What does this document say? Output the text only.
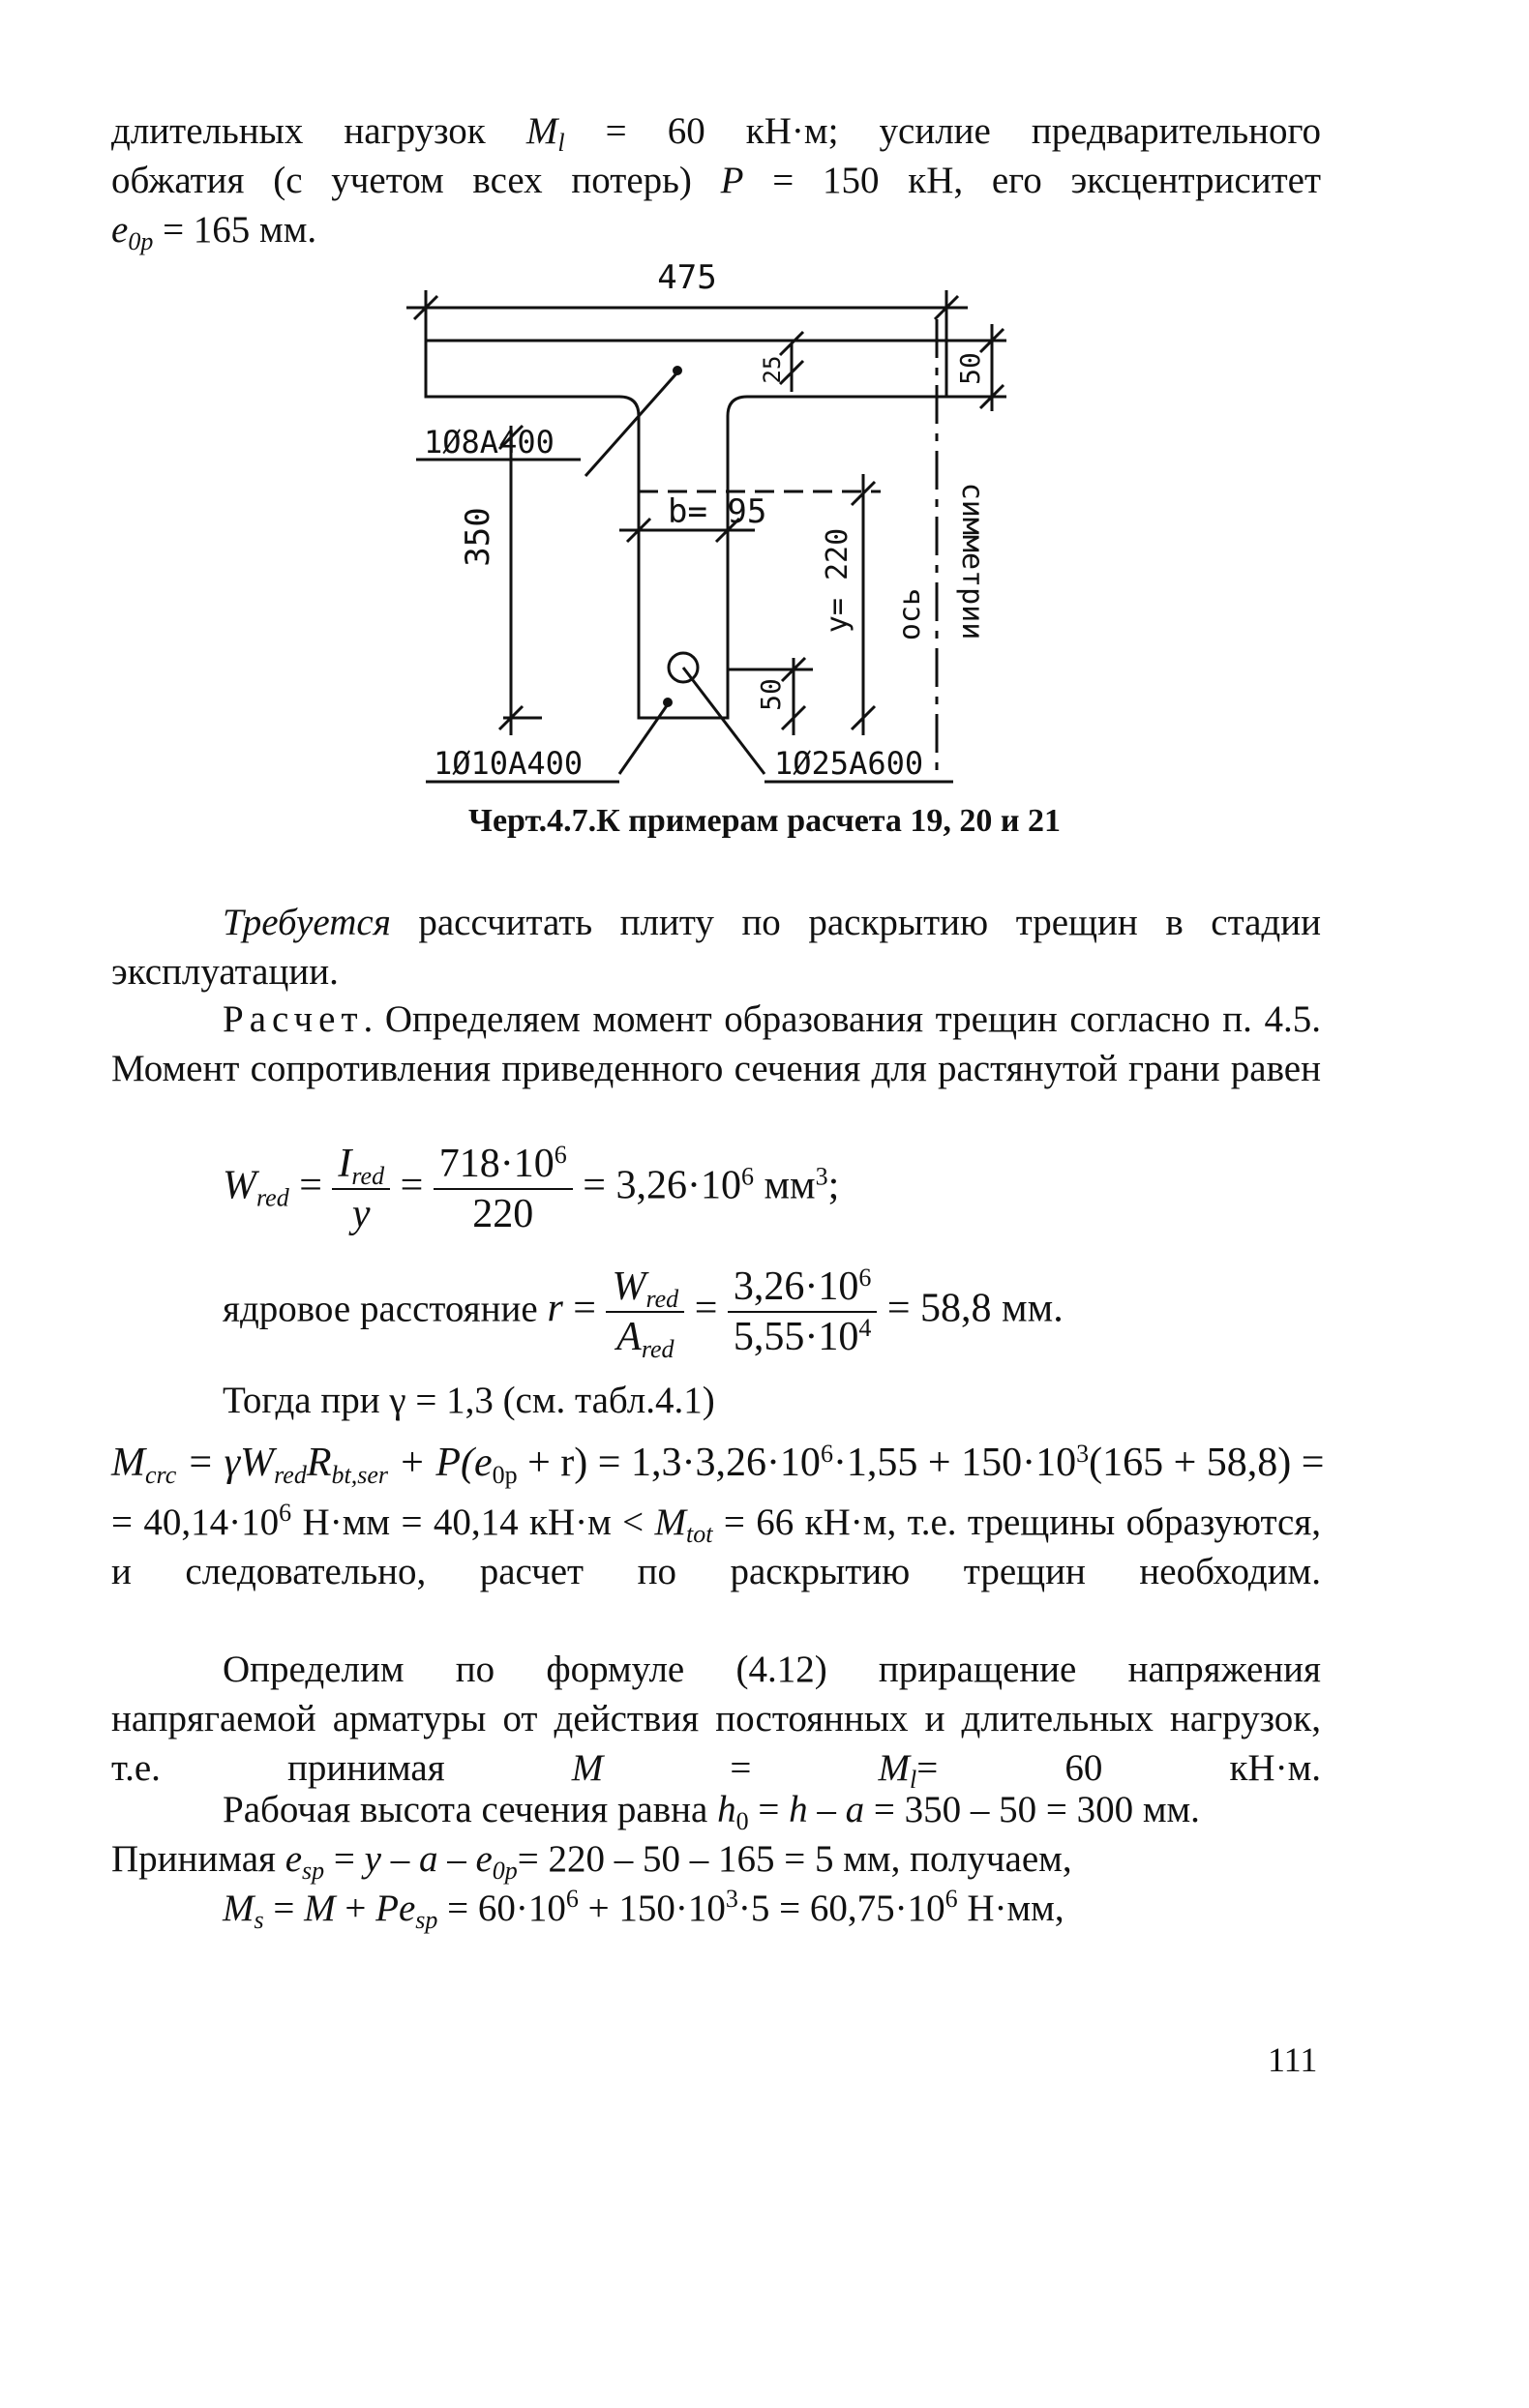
длительных нагрузок $M_l = 60$ кН·м; усилие предварительного
обжатия (с учетом всех потерь) P = 150 кН, его эксцентриситет
$e_{0p} = 165$ мм.
475
50
25
350	b= 95
y= 220
50
1Ø8A400
1Ø10A400	1Ø25A600
ось симметрии
Черт.4.7.К примерам расчета 19, 20 и 21

Требуется рассчитать плиту по раскрытию трещин в стадии эксплуатации.

Расчет. Определяем момент образования трещин согласно п. 4.5. Момент сопротивления приведенного сечения для растянутой грани равен

$W_{red} = \frac{I_{red}}{y} = \frac{718\cdot 10^6}{220} = 3,26\cdot 10^6$ $мм^3$;
ядровое расстояние $r = \frac{W_{red}}{A_{red}} = \frac{3,26\cdot 10^6}{5,55\cdot 10^4} = 58,8$ мм.
Тогда при γ = 1,3 (см. табл.4.1)
$M_{crc} = \gamma W_{red}R_{bt,ser} + P(e_{0p} + r) = 1,3\cdot 3,26\cdot 10^6\cdot 1,55 + 150\cdot 10^3(165 + 58,8)$ =

= $40,14\cdot 10^6$ Н·мм = 40,14 $кН\cdot м < M_{tot} = 66$ кН·м, т.е. трещины образуются, и следовательно, расчет по раскрытию трещин необходим.

Определим по формуле (4.12) приращение напряжения напрягаемой арматуры от действия постоянных и длительных нагрузок, т.е. принимая $M = M_l= 60$ кН·м.

Рабочая высота сечения равна $h_0 = h - a = 350 - 50 = 300$ мм.
Принимая $e_{sp} = y - a - e_{0p}= 220 - 50 - 165 = 5$ мм, получаем,
$M_s = M + Pe_{sp} = 60\cdot 10^6 + 150\cdot 10^3\cdot 5 = 60,75\cdot 10^6$ Н·мм,
111
